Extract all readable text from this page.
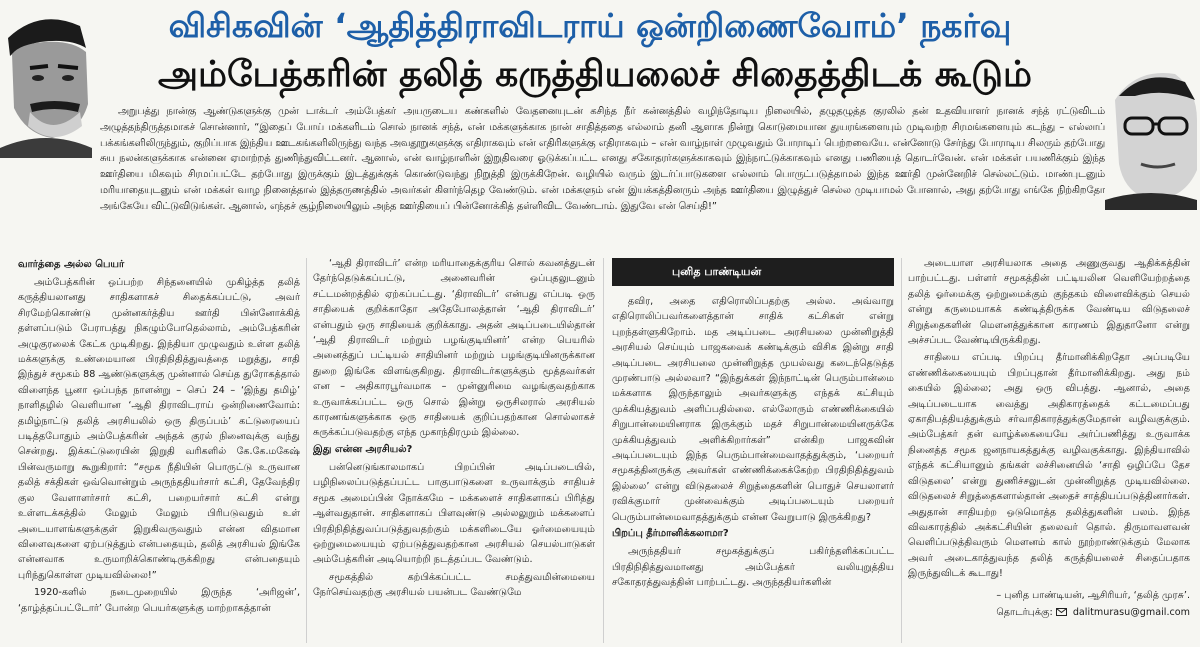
விசிகவின் ‘ஆதித்திராவிடராய் ஒன்றிணைவோம்’ நகர்வு
அம்பேத்கரின் தலித் கருத்தியலைச் சிதைத்திடக் கூடும்

அறுபத்து நான்கு ஆண்டுகளுக்கு முன் டாக்டர் அம்பேத்கர் அயருடைய கண்களில் வேதனையுடன் கசிந்த நீர் கன்னத்தில் வழிந்தோடிய நிலையில், தழுதழுத்த குரலில் தன் உதவியாளர் நானக் சந்த் ரட்டுவிடம் அழுத்தந்திருத்தமாகச் சொன்னார், “இதைப் போய் மக்களிடம் சொல் நானக் சந்த், என் மக்களுக்காக நான் சாதித்ததை எல்லாம் தனி ஆளாக நின்று கொடுமையான துயரங்களையும் முடிவற்ற சிரமங்களையும் கடந்து – எல்லாப் பக்கங்களிலிருந்தும், குறிப்பாக இந்திய ஊடகங்களிலிருந்து வந்த அவதூறுகளுக்கு எதிராகவும் என் எதிரிகளுக்கு எதிராகவும் – என் வாழ்நாள் முழுவதும் போராடிப் பெற்றவையே. என்னோடு சேர்ந்து போராடிய சிலரும் தற்போது சுய நலன்களுக்காக என்னை ஏமாற்றத் துணிந்துவிட்டனர். ஆனால், என் வாழ்நாளின் இறுதிவரை ஓடுக்கப்பட்ட எனது சகோதரர்களுக்காகவும் இந்நாட்டுக்காகவும் எனது பணியைத் தொடர்வேன். என் மக்கள் பயணிக்கும் இந்த ஊர்தியை மிகவும் சிரமப்பட்டே தற்போது இருக்கும் இடத்துக்குக் கொண்டுவந்து நிறுத்தி இருக்கிறேன். வழியில் வரும் இடர்ப்பாடுகளை எல்லாம் பொருட்படுத்தாமல் இந்த ஊர்தி முன்னேறிச் செல்லட்டும். மாண்புடனும் மரியாதையுடனும் என் மக்கள் வாழ நினைத்தால் இத்தருணத்தில் அவர்கள் கிளர்ந்தெழ வேண்டும். என் மக்களும் என் இயக்கத்தினரும் அந்த ஊர்தியை இழுத்துச் செல்ல முடியாமல் போனால், அது தற்போது எங்கே நிற்கிறதோ அங்கேயே விட்டுவிடுங்கள். ஆனால், எந்தச் சூழ்நிலையிலும் அந்த ஊர்தியைப் பின்னோக்கித் தள்ளிவிட வேண்டாம். இதுவே என் செய்தி!”

வார்த்தை அல்ல பெயர்

அம்பேத்கரின் ஒப்பற்ற சிந்தனையில் முகிழ்த்த தலித் கருத்தியலானது சாதிகளாகச் சிதைக்கப்பட்டு, அவர் சிரமேற்கொண்டு முன்னகர்த்திய ஊர்தி பின்னோக்கித் தள்ளப்படும் பேராபத்து நிகழும்போதெல்லாம், அம்பேத்கரின் அழுகுரலைக் கேட்க முடிகிறது. இந்தியா முழுவதும் உள்ள தலித் மக்களுக்கு உண்மையான பிரதிநிதித்துவத்தை மறுத்து, சாதி இந்துச் சமூகம் 88 ஆண்டுகளுக்கு முன்னால் செய்த துரோகத்தால் விளைந்த பூனா ஒப்பந்த நாளன்று – செப் 24 – ‘இந்து தமிழ்’ நாளிதழில் வெளியான ‘ஆதி திராவிடராய் ஒன்றிணைவோம்: தமிழ்நாட்டு தலித் அரசியலில் ஒரு திருப்பம்’ கட்டுரையைப் படித்தபோதும் அம்பேத்கரின் அந்தக் குரல் நினைவுக்கு வந்து சென்றது. இக்கட்டுரையின் இறுதி வரிகளில் கே.கே.மகேஷ் பின்வருமாறு கூறுகிறார்: “சமூக நீதியின் பொருட்டு உருவான தலித் சக்திகள் ஒவ்வொன்றும் அருந்ததியர்சார் கட்சி, தேவேந்திர குல வேளாளர்சார் கட்சி, பறையர்சார் கட்சி என்று உள்ளடக்கத்தில் மேலும் மேலும் பிரிபடுவதும் உள் அடையாளங்களுக்குள் இறுகிவருவதும் என்ன விதமான விளைவுகளை ஏற்படுத்தும் என்பதையும், தலித் அரசியல் இங்கே என்னவாக உருமாறிக்கொண்டிருக்கிறது என்பதையும் புரிந்துகொள்ள முடியவில்லை!”

1920-களில் நடைமுறையில் இருந்த ‘அரிஜன்’, ‘தாழ்த்தப்பட்டோர்’ போன்ற பெயர்களுக்கு மாற்றாகத்தான்

‘ஆதி திராவிடர்’ என்ற மரியாதைக்குரிய சொல் கவனத்துடன் தேர்ந்தெடுக்கப்பட்டு, அனைவரின் ஒப்புதலுடனும் சட்டமன்றத்தில் ஏற்கப்பட்டது. ‘திராவிடர்’ என்பது எப்படி ஒரு சாதியைக் குறிக்காதோ அதேபோலத்தான் ‘ஆதி திராவிடர்’ என்பதும் ஒரு சாதியைக் குறிக்காது. அதன் அடிப்படையில்தான் ‘ஆதி திராவிடர் மற்றும் பழங்குடியினர்’ என்ற பெயரில் அனைத்துப் பட்டியல் சாதியினர் மற்றும் பழங்குடியினருக்கான துறை இங்கே விளங்குகிறது. திராவிடர்களுக்கும் மூத்தவர்கள் என – அதிகாரபூர்வமாக – முன்னுரிமை வழங்குவதற்காக உருவாக்கப்பட்ட ஒரு சொல் இன்று ஒருசிலரால் அரசியல் காரணங்களுக்காக ஒரு சாதியைக் குறிப்பதற்கான சொல்லாகச் சுருக்கப்படுவதற்கு எந்த முகாந்திரமும் இல்லை.

இது என்ன அரசியல்?

பன்னெடுங்காலமாகப் பிறப்பின் அடிப்படையில், பழிநிலைப்படுத்தப்பட்ட பாகுபாடுகளை உருவாக்கும் சாதியச் சமூக அமைப்பின் நோக்கமே – மக்களைச் சாதிகளாகப் பிரித்து ஆள்வதுதான். சாதிகளாகப் பிளவுண்டு அல்லலுறும் மக்களைப் பிரதிநிதித்துவப்படுத்துவதற்கும் மக்களிடையே ஓர்மையையும் ஒற்றுமையையும் ஏற்படுத்துவதற்கான அரசியல் செயல்பாடுகள் அம்பேத்கரின் அடியொற்றி நடத்தப்பட வேண்டும்.

சமூகத்தில் கற்பிக்கப்பட்ட சமத்துவமின்மையை நேர்செய்வதற்கு அரசியல் பயன்பட வேண்டுமே

புனித பாண்டியன்

தவிர, அதை எதிரொலிப்பதற்கு அல்ல. அவ்வாறு எதிரொலிப்பவர்களைத்தான் சாதிக் கட்சிகள் என்று புறந்தள்ளுகிறோம். மத அடிப்படை அரசியலை முன்னிறுத்தி அரசியல் செய்யும் பாஜகவைக் கண்டிக்கும் விசிக இன்று சாதி அடிப்படை அரசியலை முன்னிறுத்த முயல்வது கடைந்தெடுத்த முரண்பாடு அல்லவா? “இந்துக்கள் இந்நாட்டின் பெரும்பான்மை மக்களாக இருந்தாலும் அவர்களுக்கு எந்தக் கட்சியும் முக்கியத்துவம் அளிப்பதில்லை. எல்லோரும் எண்ணிக்கையில் சிறுபான்மையினராக இருக்கும் மதச் சிறுபான்மையினருக்கே முக்கியத்துவம் அளிக்கிறார்கள்” என்கிற பாஜகவின் அடிப்படையும் இந்த பெரும்பான்மைவாதத்துக்கும், ‘பறையர் சமூகத்தினருக்கு அவர்கள் எண்ணிக்கைக்கேற்ற பிரதிநிதித்துவம் இல்லை’ என்று விடுதலைச் சிறுத்தைகளின் பொதுச் செயலாளர் ரவிக்குமார் முன்வைக்கும் அடிப்படையும் பறையர் பெரும்பான்மைவாதத்துக்கும் என்ன வேறுபாடு இருக்கிறது?

பிறப்பு தீர்மானிக்கலாமா?

அருந்ததியர் சமூகத்துக்குப் பகிர்ந்தளிக்கப்பட்ட பிரதிநிதித்துவமானது அம்பேத்கர் வலியுறுத்திய சகோதரத்துவத்தின் பாற்பட்டது. அருந்ததியர்களின்

அடையாள அரசியலாக அதை அணுகுவது ஆதிக்கத்தின் பாற்பட்டது. பள்ளர் சமூகத்தின் பட்டியலின வெளியேற்றத்தை தலித் ஓர்மைக்கு ஒற்றுமைக்கும் குந்தகம் விளைவிக்கும் செயல் என்று கருமையாகக் கண்டித்திருக்க வேண்டிய விடுதலைச் சிறுத்தைகளின் மௌனத்துக்கான காரணம் இதுதானோ என்று அச்சப்பட வேண்டியிருக்கிறது.

சாதியை எப்படி பிறப்பு தீர்மானிக்கிறதோ அப்படியே எண்ணிக்கையையும் பிறப்புதான் தீர்மானிக்கிறது. அது நம் கையில் இல்லை; அது ஒரு விபத்து. ஆனால், அதை அடிப்படையாக வைத்து அதிகாரத்தைக் கட்டமைப்பது ஏகாதிபத்தியத்துக்கும் சர்வாதிகாரத்துக்குமேதான் வழிவகுக்கும். அம்பேத்கர் தன் வாழ்க்கையையே அர்ப்பணித்து உருவாக்க நினைத்த சமூக ஜனநாயகத்துக்கு வழிவகுக்காது. இந்தியாவில் எந்தக் கட்சியானும் தங்கள் லச்சினையில் ‘சாதி ஒழிப்பே தேச விடுதலை’ என்று துணிச்சலுடன் முன்னிறுத்த முடியவில்லை. விடுதலைச் சிறுத்தைகளால்தான் அதைச் சாத்தியப்படுத்தினார்கள். அதுதான் சாதியற்ற ஒடுமொத்த தலித்துகளின் பலம். இந்த விவகாரத்தில் அக்கட்சியின் தலைவர் தொல். திருமாவளவன் வெளிப்படுத்திவரும் மௌனம் கால் நூற்றாண்டுக்கும் மேலாக அவர் அடைகாத்துவந்த தலித் கருத்தியலைச் சிதைப்பதாக இருந்துவிடக் கூடாது!

– புனித பாண்டியன், ஆசிரியர், ‘தலித் முரசு’.

தொடர்புக்கு: dalitmurasu@gmail.com
